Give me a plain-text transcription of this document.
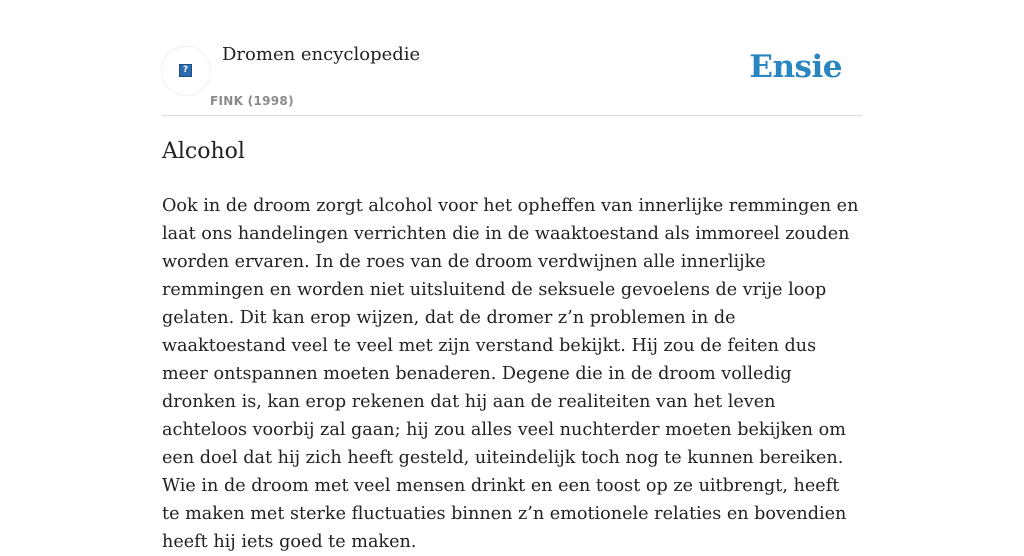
?
Dromen encyclopedie
FINK (1998)
Ensie
Alcohol

Ook in de droom zorgt alcohol voor het opheffen van innerlijke remmingen en laat ons handelingen verrichten die in de waaktoestand als immoreel zouden worden ervaren. In de roes van de droom verdwijnen alle innerlijke remmingen en worden niet uitsluitend de seksuele gevoelens de vrije loop gelaten. Dit kan erop wijzen, dat de dromer z’n problemen in de waaktoestand veel te veel met zijn verstand bekijkt. Hij zou de feiten dus meer ontspannen moeten benaderen. Degene die in de droom volledig dronken is, kan erop rekenen dat hij aan de realiteiten van het leven achteloos voorbij zal gaan; hij zou alles veel nuchterder moeten bekijken om een doel dat hij zich heeft gesteld, uiteindelijk toch nog te kunnen bereiken. Wie in de droom met veel mensen drinkt en een toost op ze uitbrengt, heeft te maken met sterke fluctuaties binnen z’n emotionele relaties en bovendien heeft hij iets goed te maken.
